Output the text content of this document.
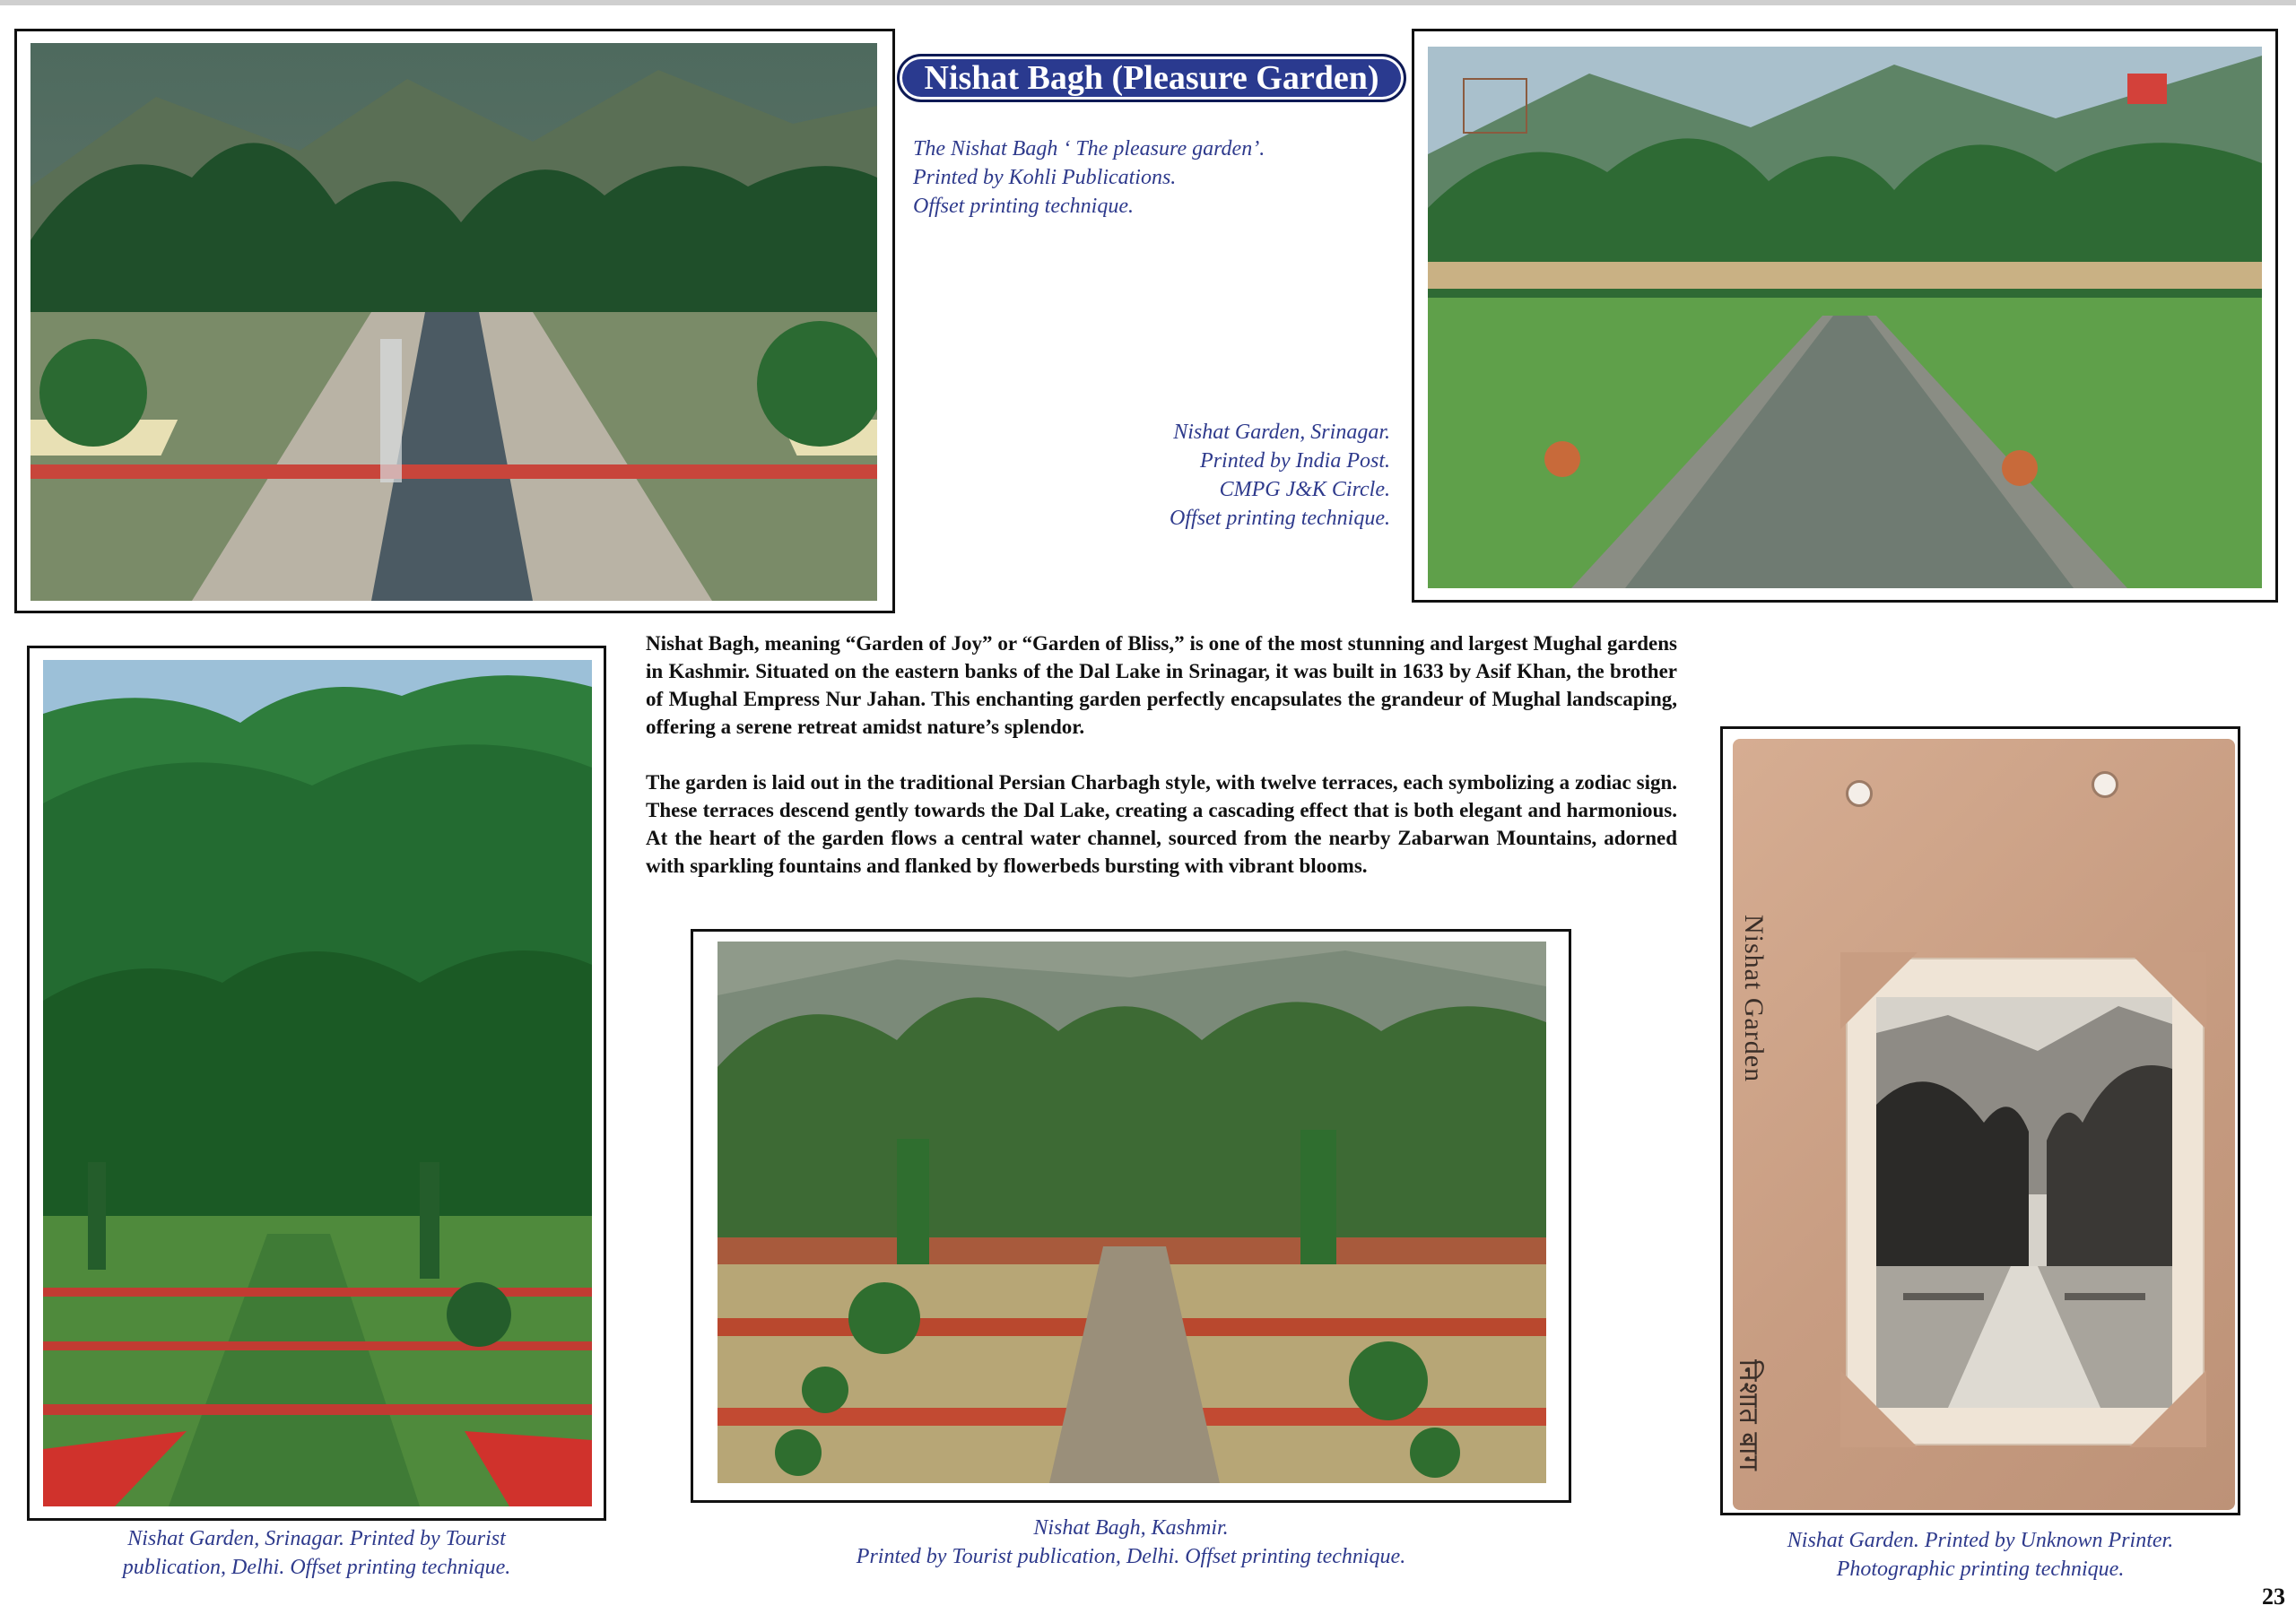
Nishat Bagh (Pleasure Garden)
The Nishat Bagh ‘ The pleasure garden’.
Printed by Kohli Publications.
Offset printing technique.
Nishat Garden, Srinagar.
Printed by India Post.
CMPG J&K Circle.
Offset printing technique.

Nishat Bagh, meaning “Garden of Joy” or “Garden of Bliss,” is one of the most stunning and largest Mughal gardens in Kashmir. Situated on the eastern banks of the Dal Lake in Srinagar, it was built in 1633 by Asif Khan, the brother of Mughal Empress Nur Jahan. This enchanting garden perfectly encapsulates the grandeur of Mughal landscaping, offering a serene retreat amidst nature’s splendor.

The garden is laid out in the traditional Persian Charbagh style, with twelve terraces, each symbolizing a zodiac sign. These terraces descend gently towards the Dal Lake, creating a cascading effect that is both elegant and harmonious. At the heart of the garden flows a central water channel, sourced from the nearby Zabarwan Mountains, adorned with sparkling fountains and flanked by flowerbeds bursting with vibrant blooms.

Nishat Garden, Srinagar. Printed by Tourist
publication, Delhi. Offset printing technique.
Nishat Bagh, Kashmir.
Printed by Tourist publication, Delhi. Offset printing technique.
Nishat Garden
निशात बाग
Nishat Garden. Printed by Unknown Printer.
Photographic printing technique.
23
